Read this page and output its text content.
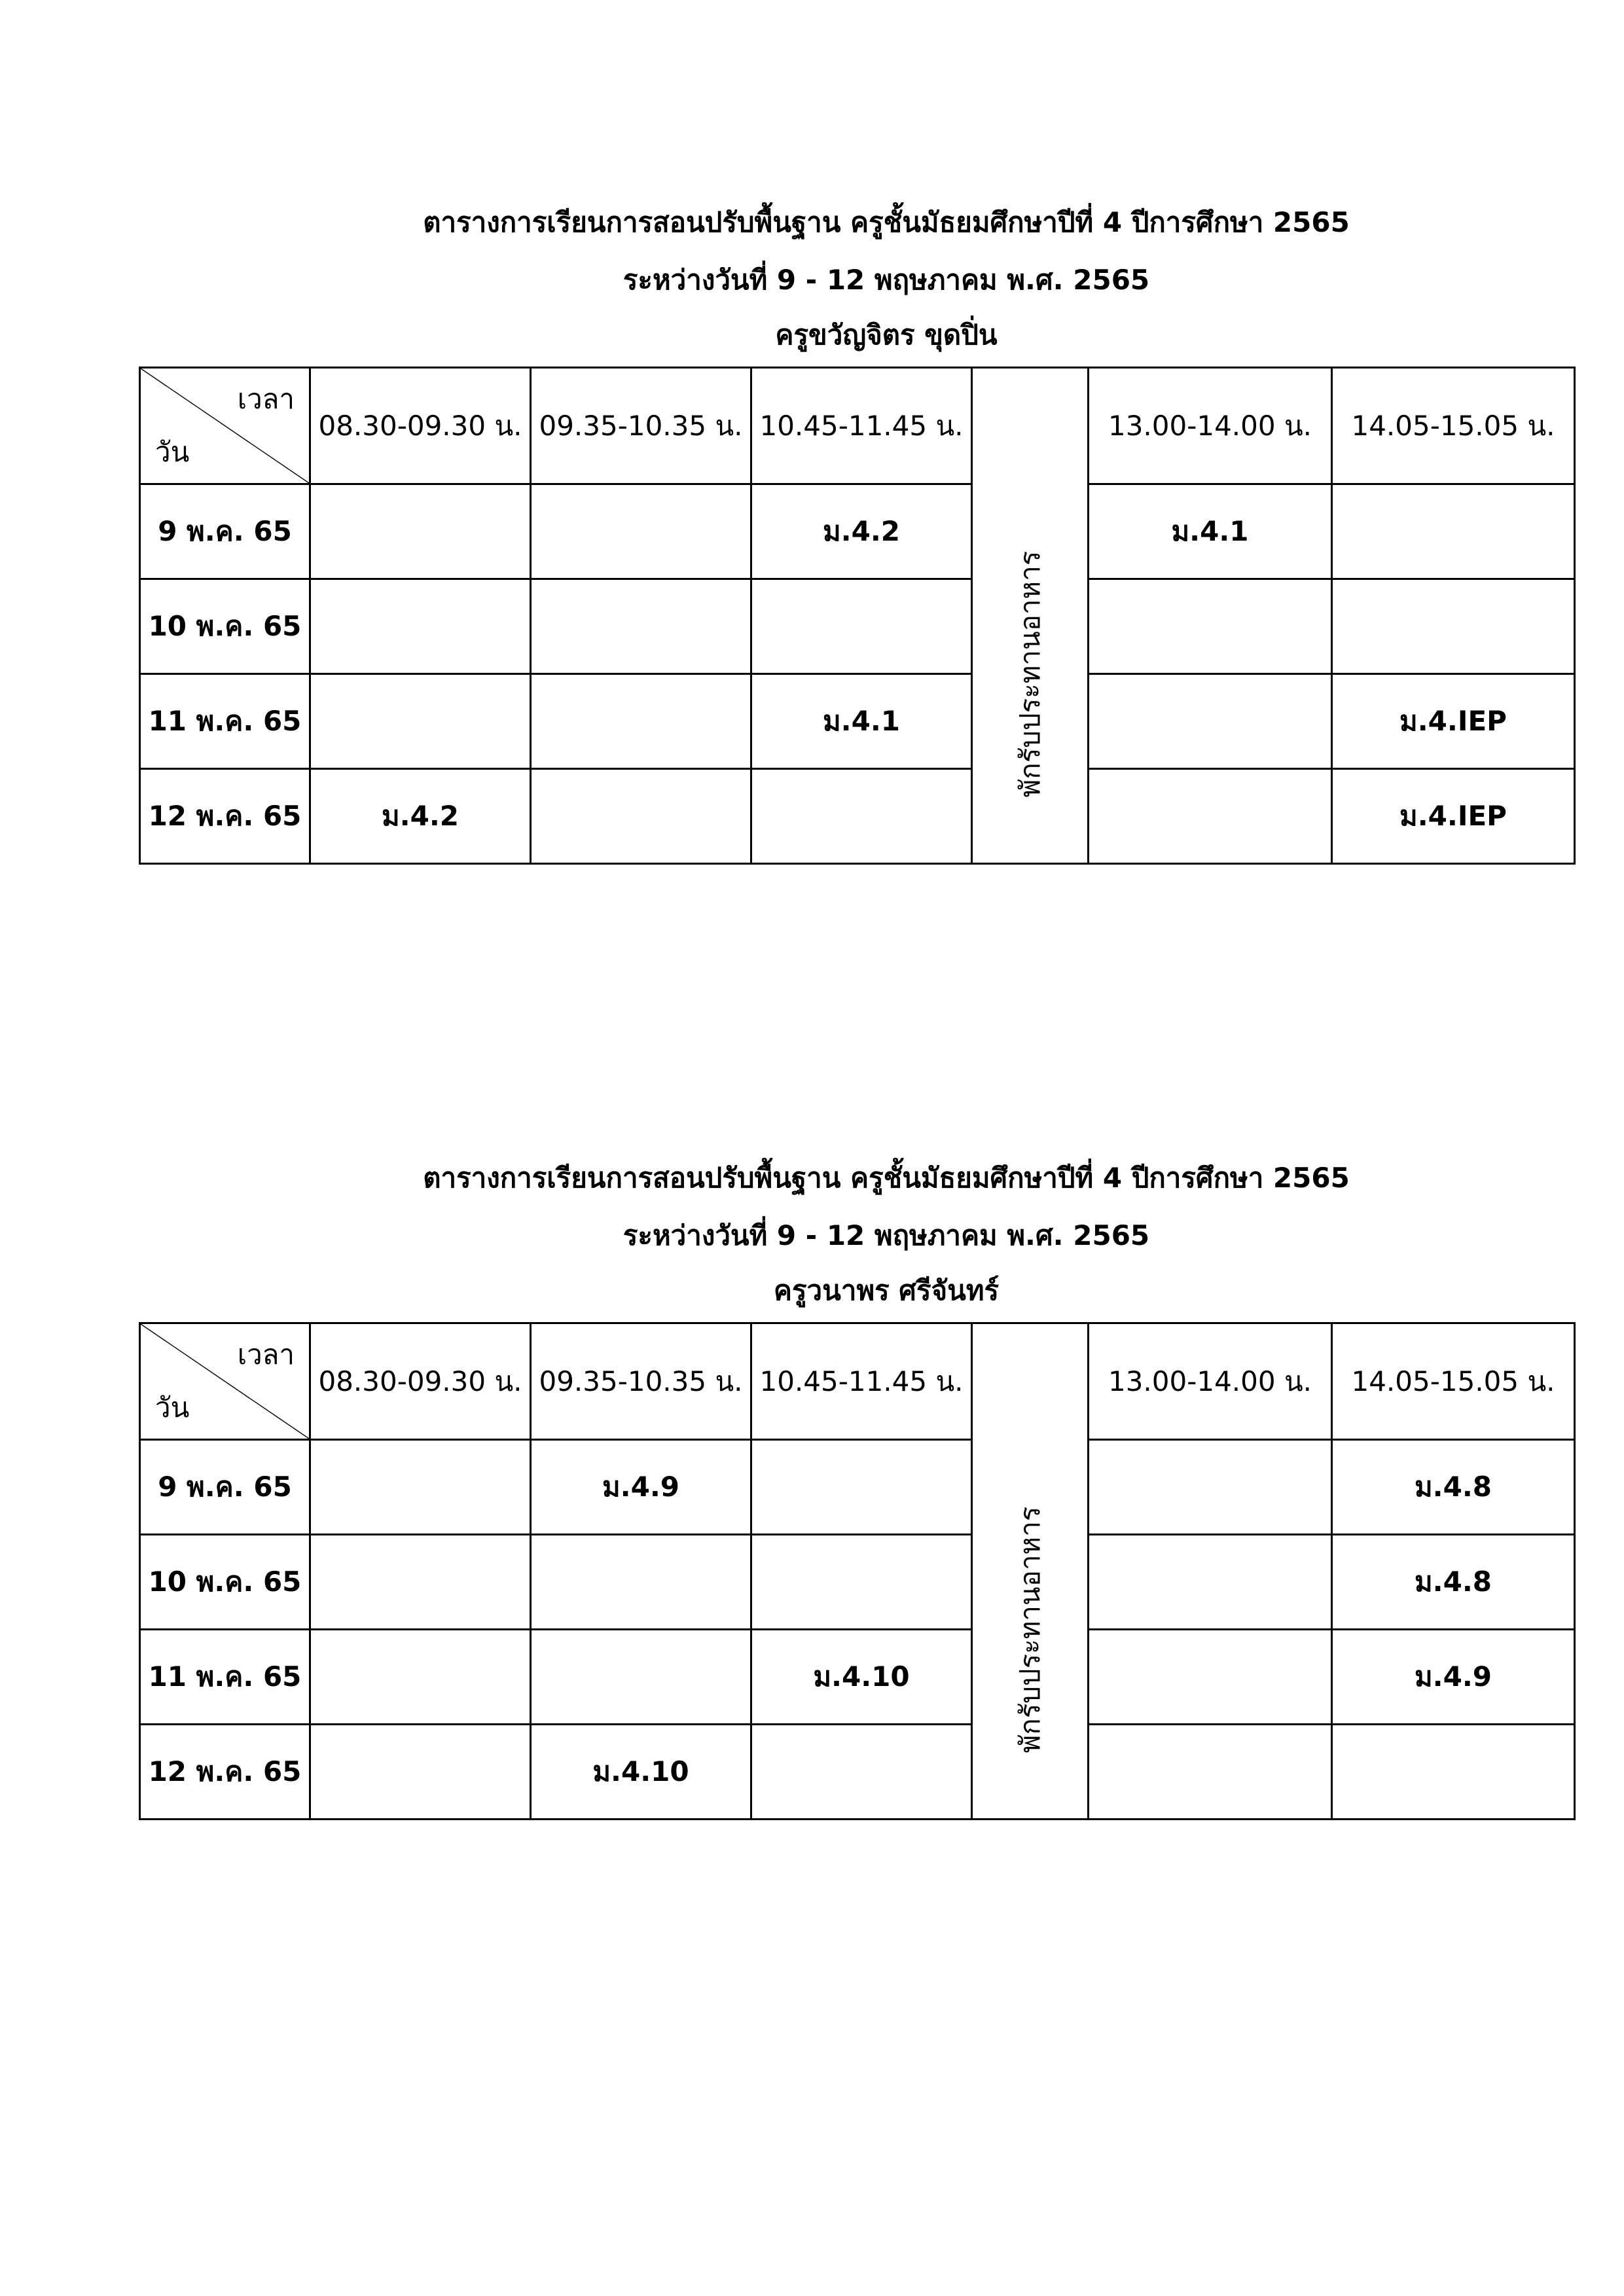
ตารางการเรียนการสอนปรับพื้นฐาน ครูชั้นมัธยมศึกษาปีที่ 4 ปีการศึกษา 2565
ระหว่างวันที่ 9 - 12 พฤษภาคม พ.ศ. 2565
ครูขวัญจิตร ขุดปิ่น
เวลา
วัน	08.30-09.30 น.	09.35-10.35 น.	10.45-11.45 น.	พักรับประทานอาหาร	13.00-14.00 น.	14.05-15.05 น.
9 พ.ค. 65			ม.4.2		ม.4.1	
10 พ.ค. 65						
11 พ.ค. 65			ม.4.1			ม.4.IEP
12 พ.ค. 65	ม.4.2					ม.4.IEP
ตารางการเรียนการสอนปรับพื้นฐาน ครูชั้นมัธยมศึกษาปีที่ 4 ปีการศึกษา 2565
ระหว่างวันที่ 9 - 12 พฤษภาคม พ.ศ. 2565
ครูวนาพร ศรีจันทร์
เวลา
วัน	08.30-09.30 น.	09.35-10.35 น.	10.45-11.45 น.	พักรับประทานอาหาร	13.00-14.00 น.	14.05-15.05 น.
9 พ.ค. 65		ม.4.9				ม.4.8
10 พ.ค. 65						ม.4.8
11 พ.ค. 65			ม.4.10			ม.4.9
12 พ.ค. 65		ม.4.10				
